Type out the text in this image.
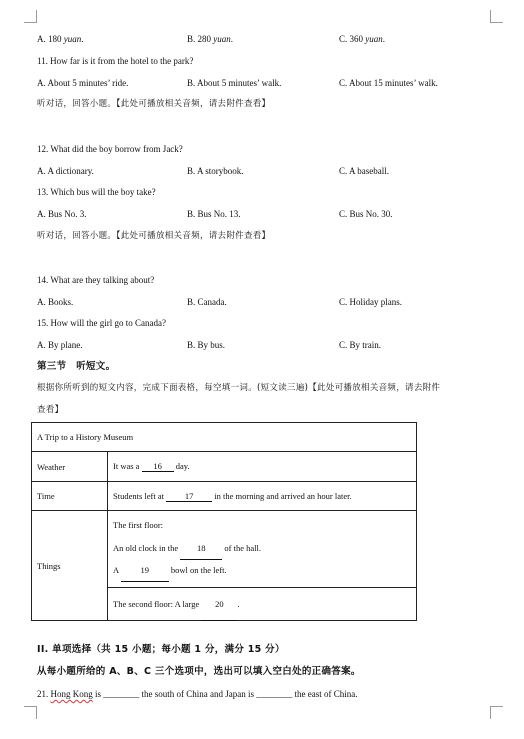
A. 180 yuan.	B. 280 yuan.	C. 360 yuan.
11. How far is it from the hotel to the park?
A. About 5 minutes’ ride.	B. About 5 minutes’ walk.	C. About 15 minutes’ walk.
听对话，回答小题。【此处可播放相关音频，请去附件查看】
12. What did the boy borrow from Jack?
A. A dictionary.	B. A storybook.	C. A baseball.
13. Which bus will the boy take?
A. Bus No. 3.	B. Bus No. 13.	C. Bus No. 30.
听对话，回答小题。【此处可播放相关音频，请去附件查看】
14. What are they talking about?
A. Books.	B. Canada.	C. Holiday plans.
15. How will the girl go to Canada?
A. By plane.	B. By bus.	C. By train.
第三节　听短文。
根据你所听到的短文内容，完成下面表格，每空填一词。(短文读三遍)【此处可播放相关音频，请去附件
查看】
A Trip to a History Museum	
Weather	It was a 16 day.
Time	Students left at 17 in the morning and arrived an hour later.
Things	The first floor:
An old clock in the 18 of the hall.
A 19 bowl on the left.
The second floor: A large 20 .
II. 单项选择（共 15 小题；每小题 1 分，满分 15 分）
从每小题所给的 A、B、C 三个选项中，选出可以填入空白处的正确答案。
21. Hong Kong is ________ the south of China and Japan is ________ the east of China.
